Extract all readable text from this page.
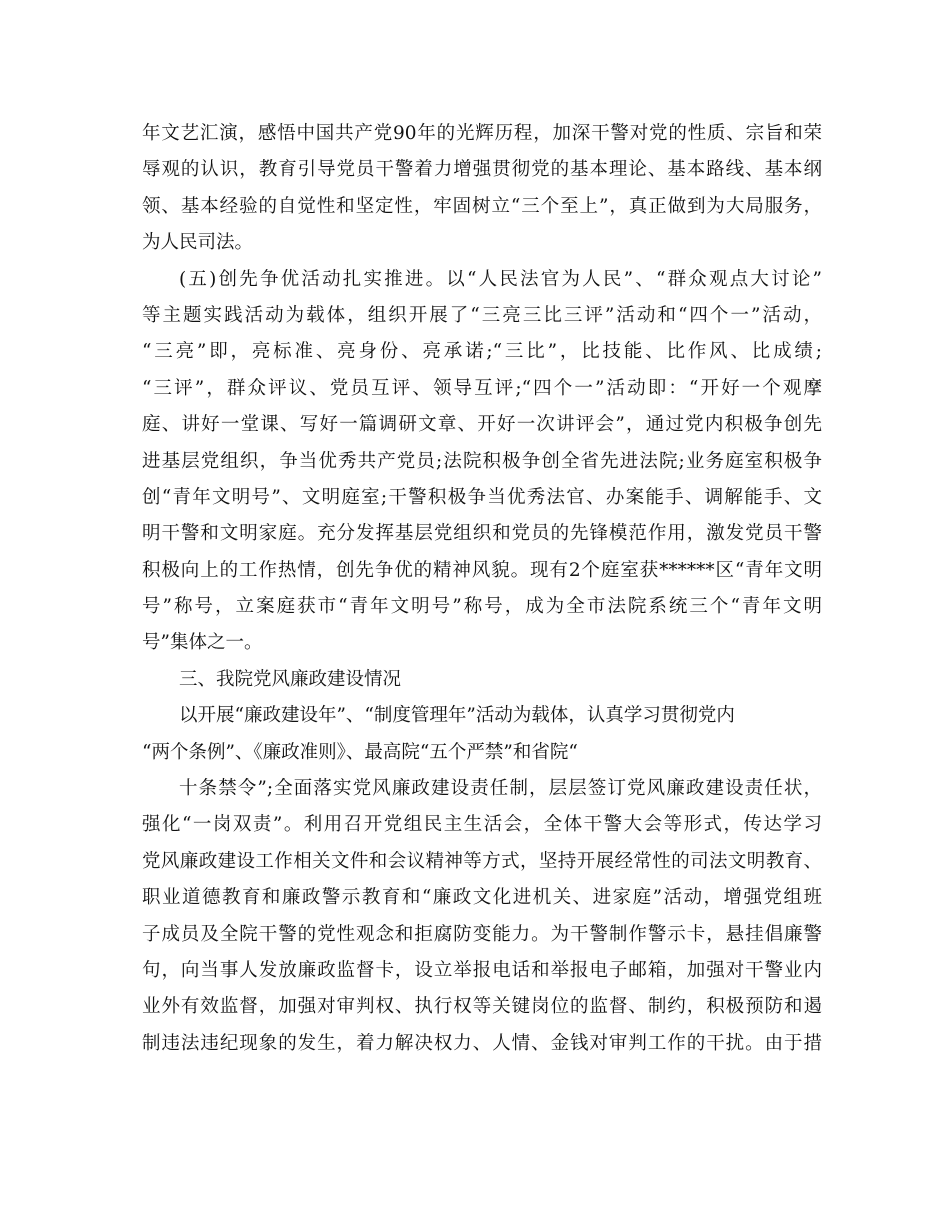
年文艺汇演，感悟中国共产党90年的光辉历程，加深干警对党的性质、宗旨和荣

辱观的认识，教育引导党员干警着力增强贯彻党的基本理论、基本路线、基本纲

领、基本经验的自觉性和坚定性，牢固树立“三个至上”，真正做到为大局服务，

为人民司法。

(五)创先争优活动扎实推进。以“人民法官为人民”、“群众观点大讨论”

等主题实践活动为载体，组织开展了“三亮三比三评”活动和“四个一”活动，

“三亮”即，亮标准、亮身份、亮承诺;“三比”，比技能、比作风、比成绩;

“三评”，群众评议、党员互评、领导互评;“四个一”活动即：“开好一个观摩

庭、讲好一堂课、写好一篇调研文章、开好一次讲评会”，通过党内积极争创先

进基层党组织，争当优秀共产党员;法院积极争创全省先进法院;业务庭室积极争

创“青年文明号”、文明庭室;干警积极争当优秀法官、办案能手、调解能手、文

明干警和文明家庭。充分发挥基层党组织和党员的先锋模范作用，激发党员干警

积极向上的工作热情，创先争优的精神风貌。现有2个庭室获******区“青年文明

号”称号，立案庭获市“青年文明号”称号，成为全市法院系统三个“青年文明

号”集体之一。

三、我院党风廉政建设情况

以开展“廉政建设年”、“制度管理年”活动为载体，认真学习贯彻党内

“两个条例”、《廉政准则》、最高院“五个严禁”和省院“

十条禁令”;全面落实党风廉政建设责任制，层层签订党风廉政建设责任状，

强化“一岗双责”。利用召开党组民主生活会，全体干警大会等形式，传达学习

党风廉政建设工作相关文件和会议精神等方式，坚持开展经常性的司法文明教育、

职业道德教育和廉政警示教育和“廉政文化进机关、进家庭”活动，增强党组班

子成员及全院干警的党性观念和拒腐防变能力。为干警制作警示卡，悬挂倡廉警

句，向当事人发放廉政监督卡，设立举报电话和举报电子邮箱，加强对干警业内

业外有效监督，加强对审判权、执行权等关键岗位的监督、制约，积极预防和遏

制违法违纪现象的发生，着力解决权力、人情、金钱对审判工作的干扰。由于措
